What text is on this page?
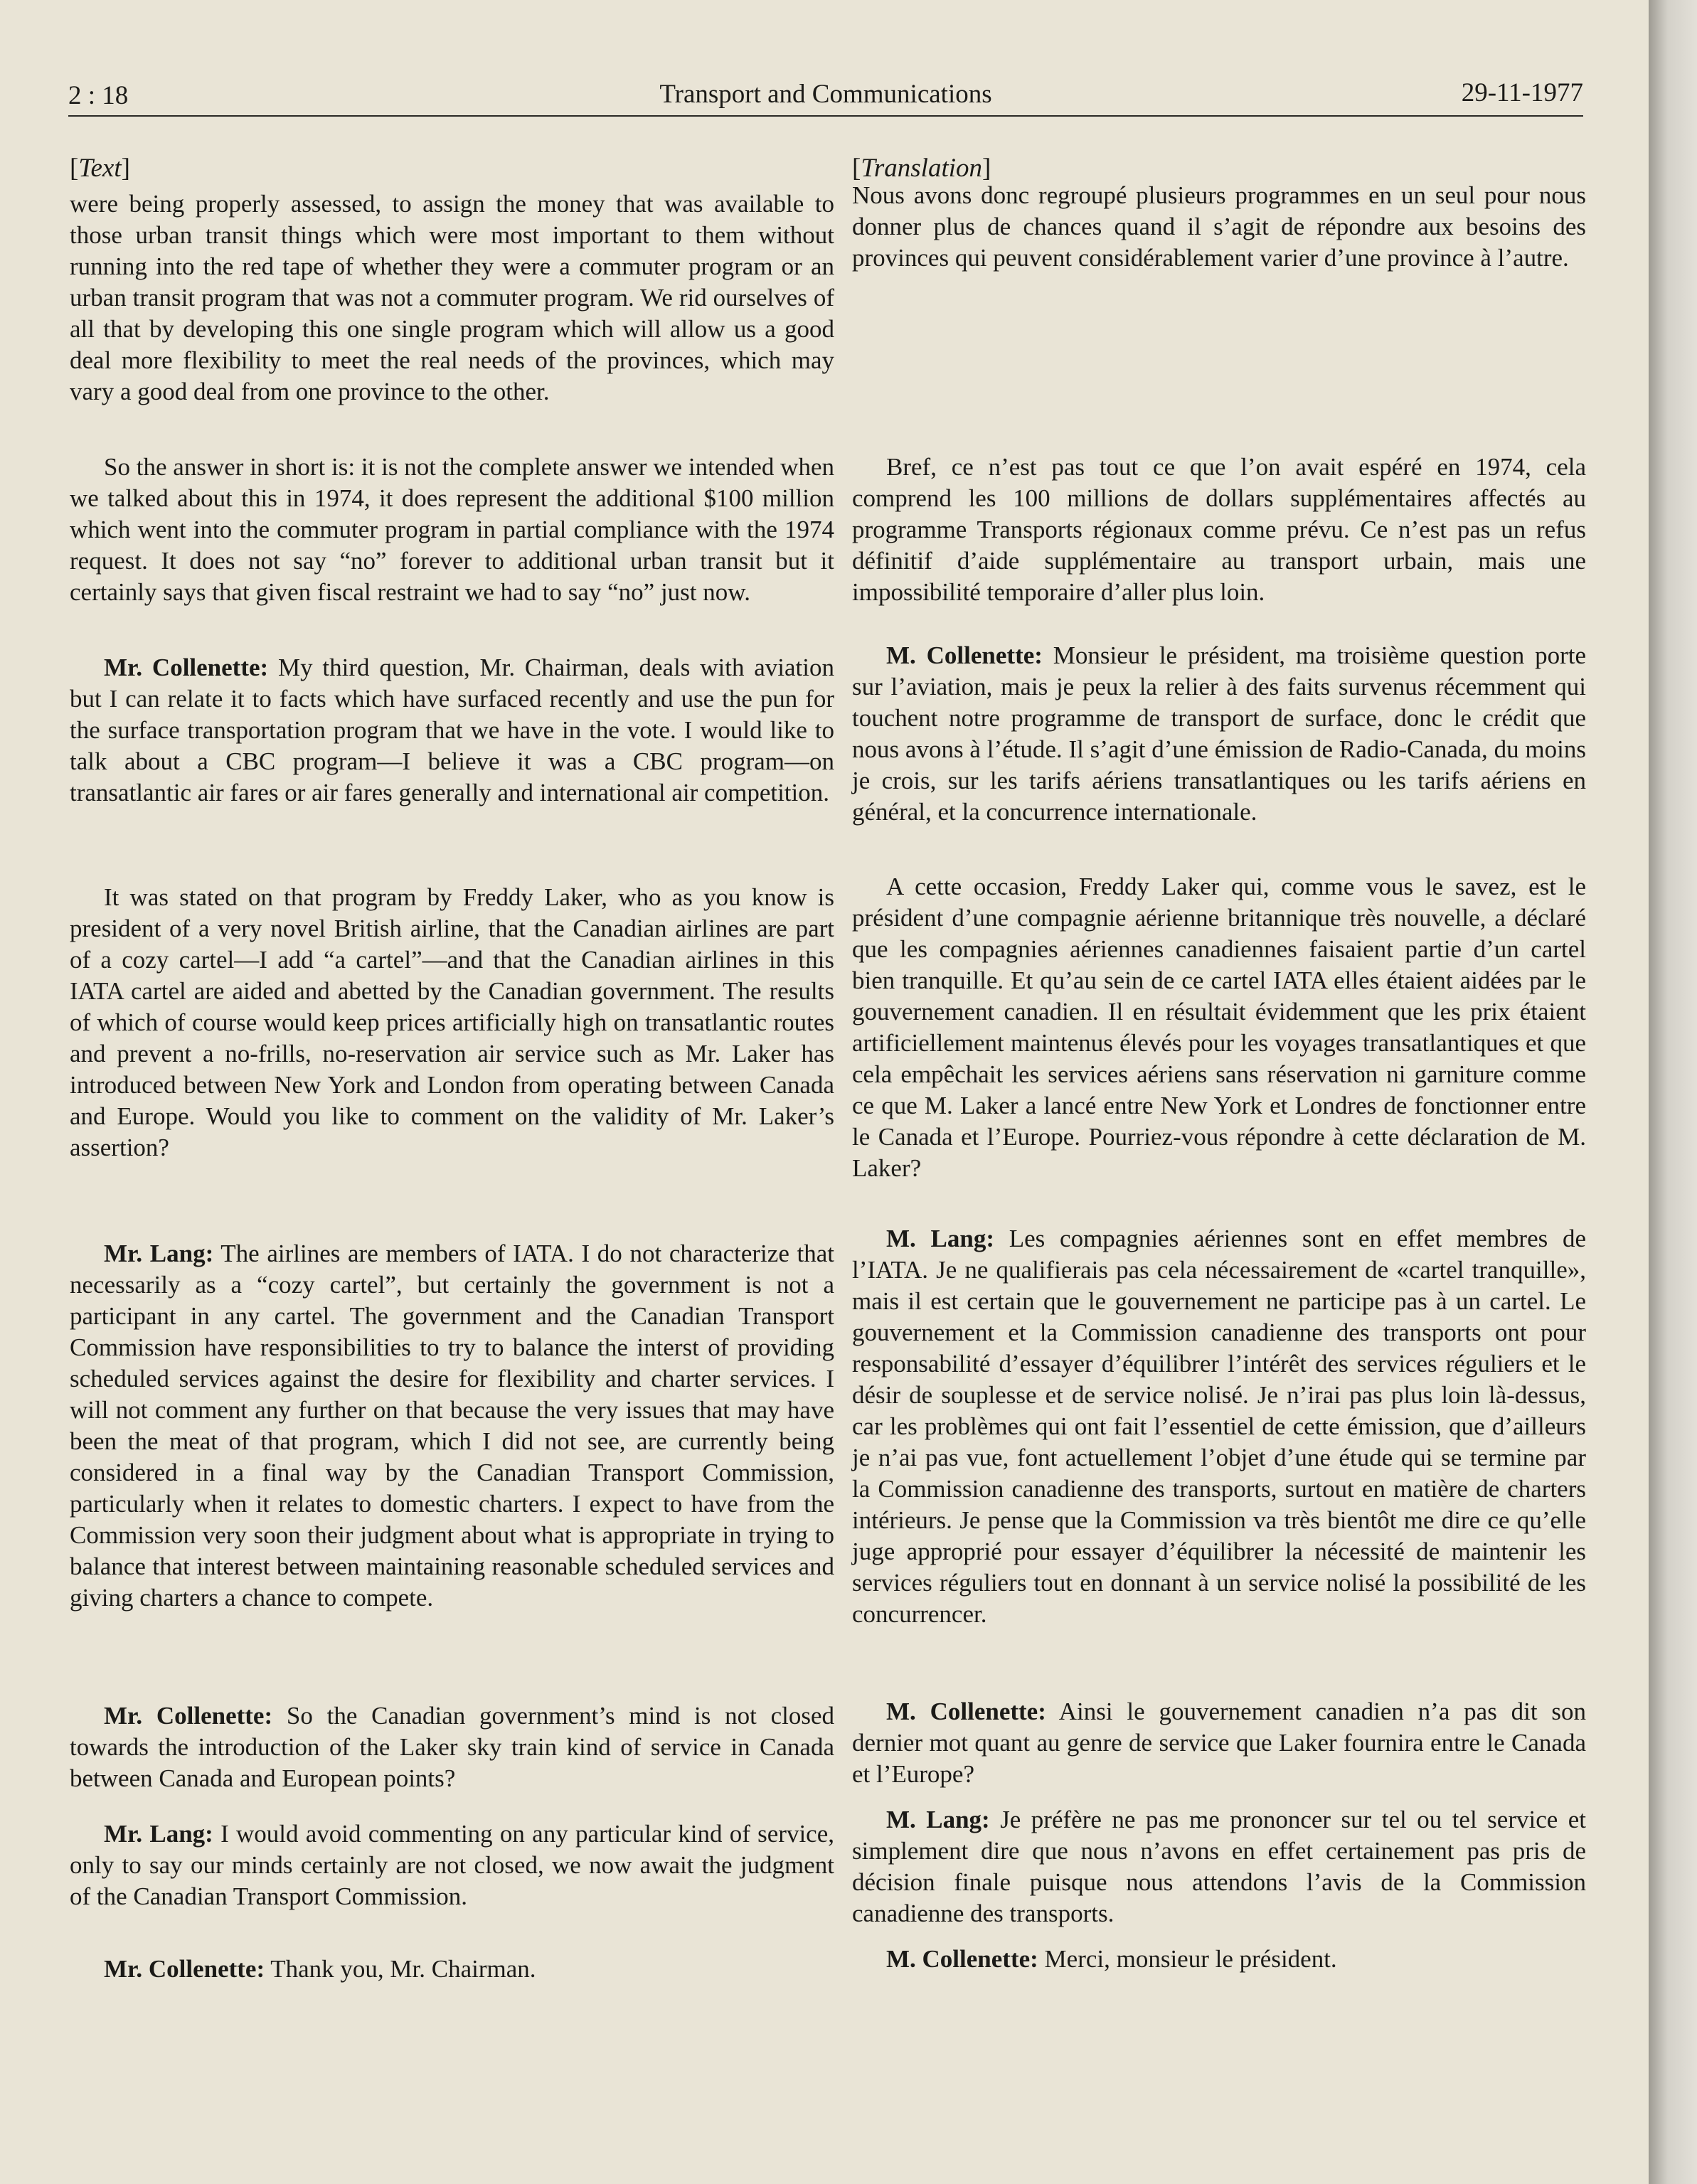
2 : 18	Transport and Communications	29-11-1977
[Text]

were being properly assessed, to assign the money that was available to those urban transit things which were most important to them without running into the red tape of whether they were a commuter program or an urban transit program that was not a commuter program. We rid ourselves of all that by developing this one single program which will allow us a good deal more flexibility to meet the real needs of the provinces, which may vary a good deal from one province to the other.

So the answer in short is: it is not the complete answer we intended when we talked about this in 1974, it does represent the additional $100 million which went into the commuter program in partial compliance with the 1974 request. It does not say “no” forever to additional urban transit but it certainly says that given fiscal restraint we had to say “no” just now.

Mr. Collenette: My third question, Mr. Chairman, deals with aviation but I can relate it to facts which have surfaced recently and use the pun for the surface transportation program that we have in the vote. I would like to talk about a CBC program—I believe it was a CBC program—on transatlantic air fares or air fares generally and international air competition.

It was stated on that program by Freddy Laker, who as you know is president of a very novel British airline, that the Canadian airlines are part of a cozy cartel—I add “a cartel”—and that the Canadian airlines in this IATA cartel are aided and abetted by the Canadian government. The results of which of course would keep prices artificially high on transatlantic routes and prevent a no-frills, no-reservation air service such as Mr. Laker has introduced between New York and London from operating between Canada and Europe. Would you like to comment on the validity of Mr. Laker’s assertion?

Mr. Lang: The airlines are members of IATA. I do not characterize that necessarily as a “cozy cartel”, but certainly the government is not a participant in any cartel. The government and the Canadian Transport Commission have responsibilities to try to balance the interst of providing scheduled services against the desire for flexibility and charter services. I will not comment any further on that because the very issues that may have been the meat of that program, which I did not see, are currently being considered in a final way by the Canadian Transport Commission, particularly when it relates to domestic charters. I expect to have from the Commission very soon their judgment about what is appropriate in trying to balance that interest between maintaining reasonable scheduled services and giving charters a chance to compete.

Mr. Collenette: So the Canadian government’s mind is not closed towards the introduction of the Laker sky train kind of service in Canada between Canada and European points?

Mr. Lang: I would avoid commenting on any particular kind of service, only to say our minds certainly are not closed, we now await the judgment of the Canadian Transport Commission.

Mr. Collenette: Thank you, Mr. Chairman.

[Translation]

Nous avons donc regroupé plusieurs programmes en un seul pour nous donner plus de chances quand il s’agit de répondre aux besoins des provinces qui peuvent considérablement varier d’une province à l’autre.

Bref, ce n’est pas tout ce que l’on avait espéré en 1974, cela comprend les 100 millions de dollars supplémentaires affectés au programme Transports régionaux comme prévu. Ce n’est pas un refus définitif d’aide supplémentaire au transport urbain, mais une impossibilité temporaire d’aller plus loin.

M. Collenette: Monsieur le président, ma troisième question porte sur l’aviation, mais je peux la relier à des faits survenus récemment qui touchent notre programme de transport de surface, donc le crédit que nous avons à l’étude. Il s’agit d’une émission de Radio-Canada, du moins je crois, sur les tarifs aériens transatlantiques ou les tarifs aériens en général, et la concurrence internationale.

A cette occasion, Freddy Laker qui, comme vous le savez, est le président d’une compagnie aérienne britannique très nouvelle, a déclaré que les compagnies aériennes canadiennes faisaient partie d’un cartel bien tranquille. Et qu’au sein de ce cartel IATA elles étaient aidées par le gouvernement canadien. Il en résultait évidemment que les prix étaient artificiellement maintenus élevés pour les voyages transatlantiques et que cela empêchait les services aériens sans réservation ni garniture comme ce que M. Laker a lancé entre New York et Londres de fonctionner entre le Canada et l’Europe. Pourriez-vous répondre à cette déclaration de M. Laker?

M. Lang: Les compagnies aériennes sont en effet membres de l’IATA. Je ne qualifierais pas cela nécessairement de «cartel tranquille», mais il est certain que le gouvernement ne participe pas à un cartel. Le gouvernement et la Commission canadienne des transports ont pour responsabilité d’essayer d’équilibrer l’intérêt des services réguliers et le désir de souplesse et de service nolisé. Je n’irai pas plus loin là-dessus, car les problèmes qui ont fait l’essentiel de cette émission, que d’ailleurs je n’ai pas vue, font actuellement l’objet d’une étude qui se termine par la Commission canadienne des transports, surtout en matière de charters intérieurs. Je pense que la Commission va très bientôt me dire ce qu’elle juge approprié pour essayer d’équilibrer la nécessité de maintenir les services réguliers tout en donnant à un service nolisé la possibilité de les concurrencer.

M. Collenette: Ainsi le gouvernement canadien n’a pas dit son dernier mot quant au genre de service que Laker fournira entre le Canada et l’Europe?

M. Lang: Je préfère ne pas me prononcer sur tel ou tel service et simplement dire que nous n’avons en effet certainement pas pris de décision finale puisque nous attendons l’avis de la Commission canadienne des transports.

M. Collenette: Merci, monsieur le président.
